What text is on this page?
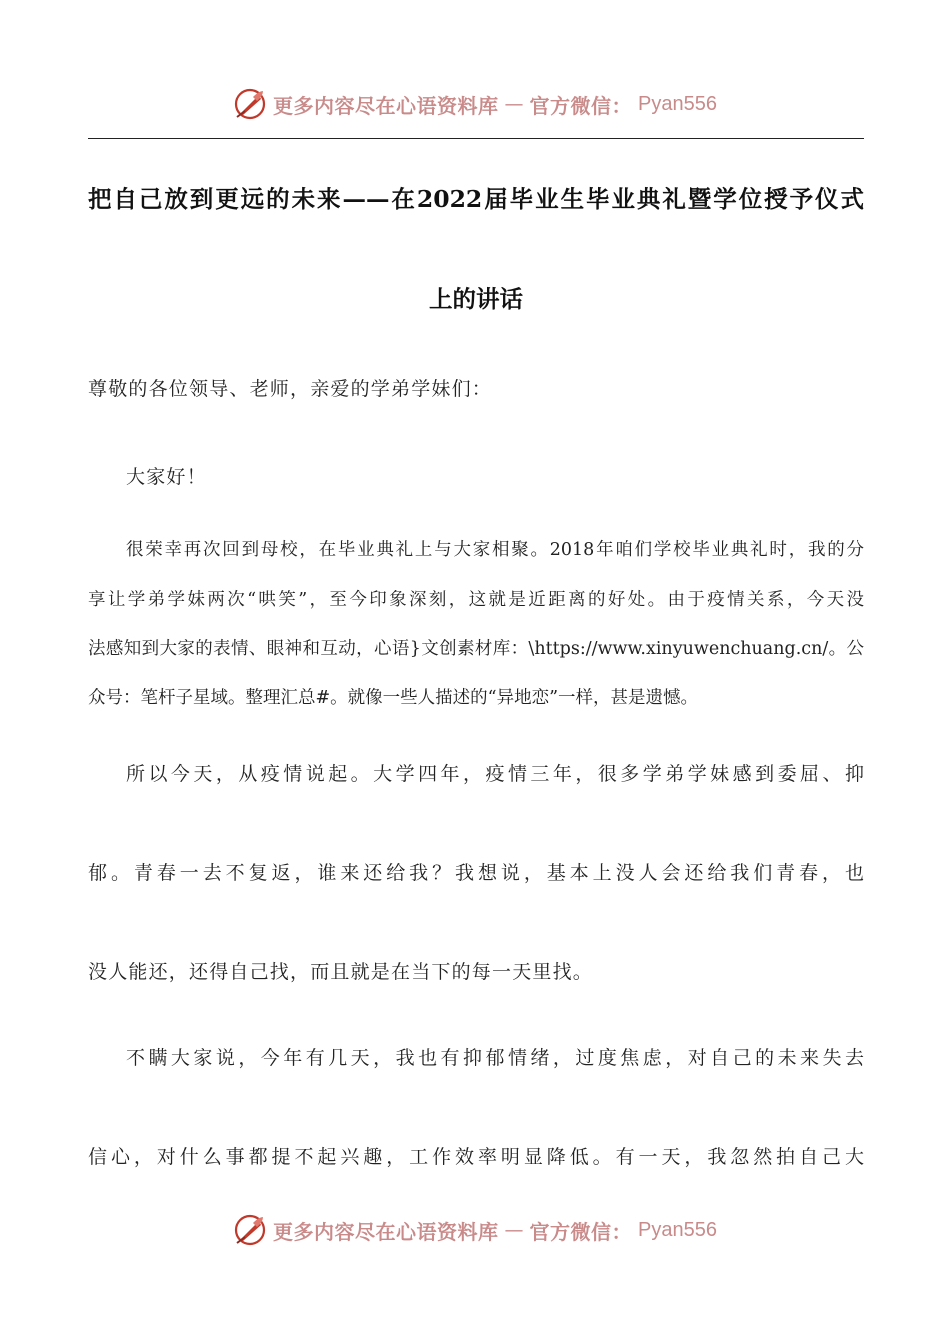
更多内容尽在心语资料库 — 官方微信： Pyan556
把自己放到更远的未来——在2022届毕业生毕业典礼暨学位授予仪式
上的讲话
尊敬的各位领导、老师，亲爱的学弟学妹们：
大家好！
很荣幸再次回到母校，在毕业典礼上与大家相聚。2018年咱们学校毕业典礼时，我的分
享让学弟学妹两次“哄笑”，至今印象深刻，这就是近距离的好处。由于疫情关系，今天没
法感知到大家的表情、眼神和互动，心语}文创素材库：\https://www.xinyuwenchuang.cn/。公
众号：笔杆子星域。整理汇总#。就像一些人描述的“异地恋”一样，甚是遗憾。
所以今天，从疫情说起。大学四年，疫情三年，很多学弟学妹感到委屈、抑
郁。青春一去不复返，谁来还给我？我想说，基本上没人会还给我们青春，也
没人能还，还得自己找，而且就是在当下的每一天里找。
不瞒大家说，今年有几天，我也有抑郁情绪，过度焦虑，对自己的未来失去
信心，对什么事都提不起兴趣，工作效率明显降低。有一天，我忽然拍自己大
更多内容尽在心语资料库 — 官方微信： Pyan556
